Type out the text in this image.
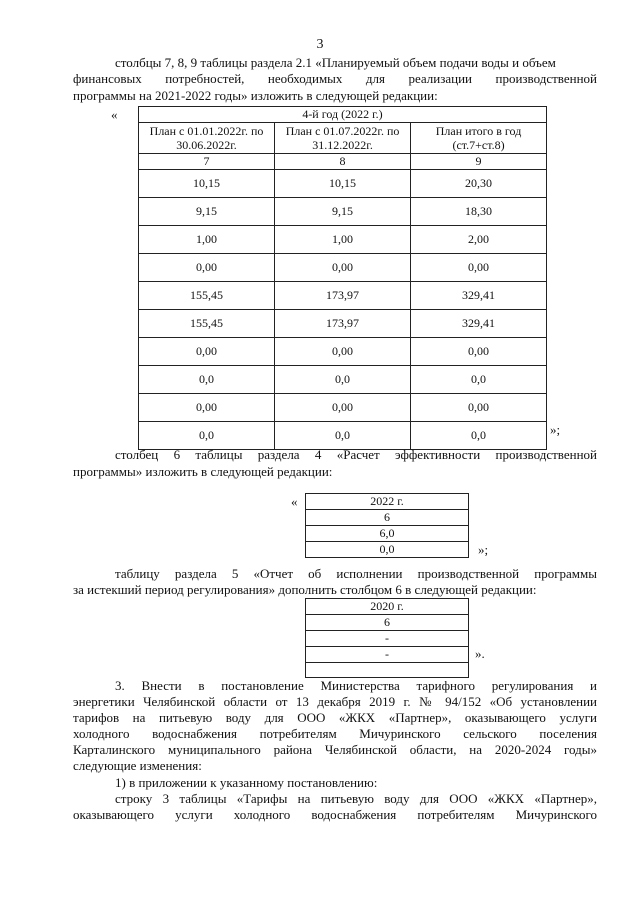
3
столбцы 7, 8, 9 таблицы раздела 2.1 «Планируемый объем подачи воды и объем
финансовых потребностей, необходимых для реализации производственной
программы на 2021-2022 годы» изложить в следующей редакции:
«	4-й год (2022 г.)		
План с 01.01.2022г. по 30.06.2022г.	План с 01.07.2022г. по 31.12.2022г.	План итого в год (ст.7+ст.8)
7	8	9
10,15	10,15	20,30
9,15	9,15	18,30
1,00	1,00	2,00
0,00	0,00	0,00
155,45	173,97	329,41
155,45	173,97	329,41
0,00	0,00	0,00
0,0	0,0	0,0
0,00	0,00	0,00
0,0	0,0	0,0	»;
столбец 6 таблицы раздела 4 «Расчет эффективности производственной
программы» изложить в следующей редакции:
«	2022 г.
6
6,0
0,0	»;
таблицу раздела 5 «Отчет об исполнении производственной программы
за истекший период регулирования» дополнить столбцом 6 в следующей редакции:
2020 г.
6
-
-	».
3. Внести в постановление Министерства тарифного регулирования и
энергетики Челябинской области от 13 декабря 2019 г. № 94/152 «Об установлении
тарифов на питьевую воду для ООО «ЖКХ «Партнер», оказывающего услуги
холодного водоснабжения потребителям Мичуринского сельского поселения
Карталинского муниципального района Челябинской области, на 2020-2024 годы»
следующие изменения:
1) в приложении к указанному постановлению:
строку 3 таблицы «Тарифы на питьевую воду для ООО «ЖКХ «Партнер»,
оказывающего услуги холодного водоснабжения потребителям Мичуринского
